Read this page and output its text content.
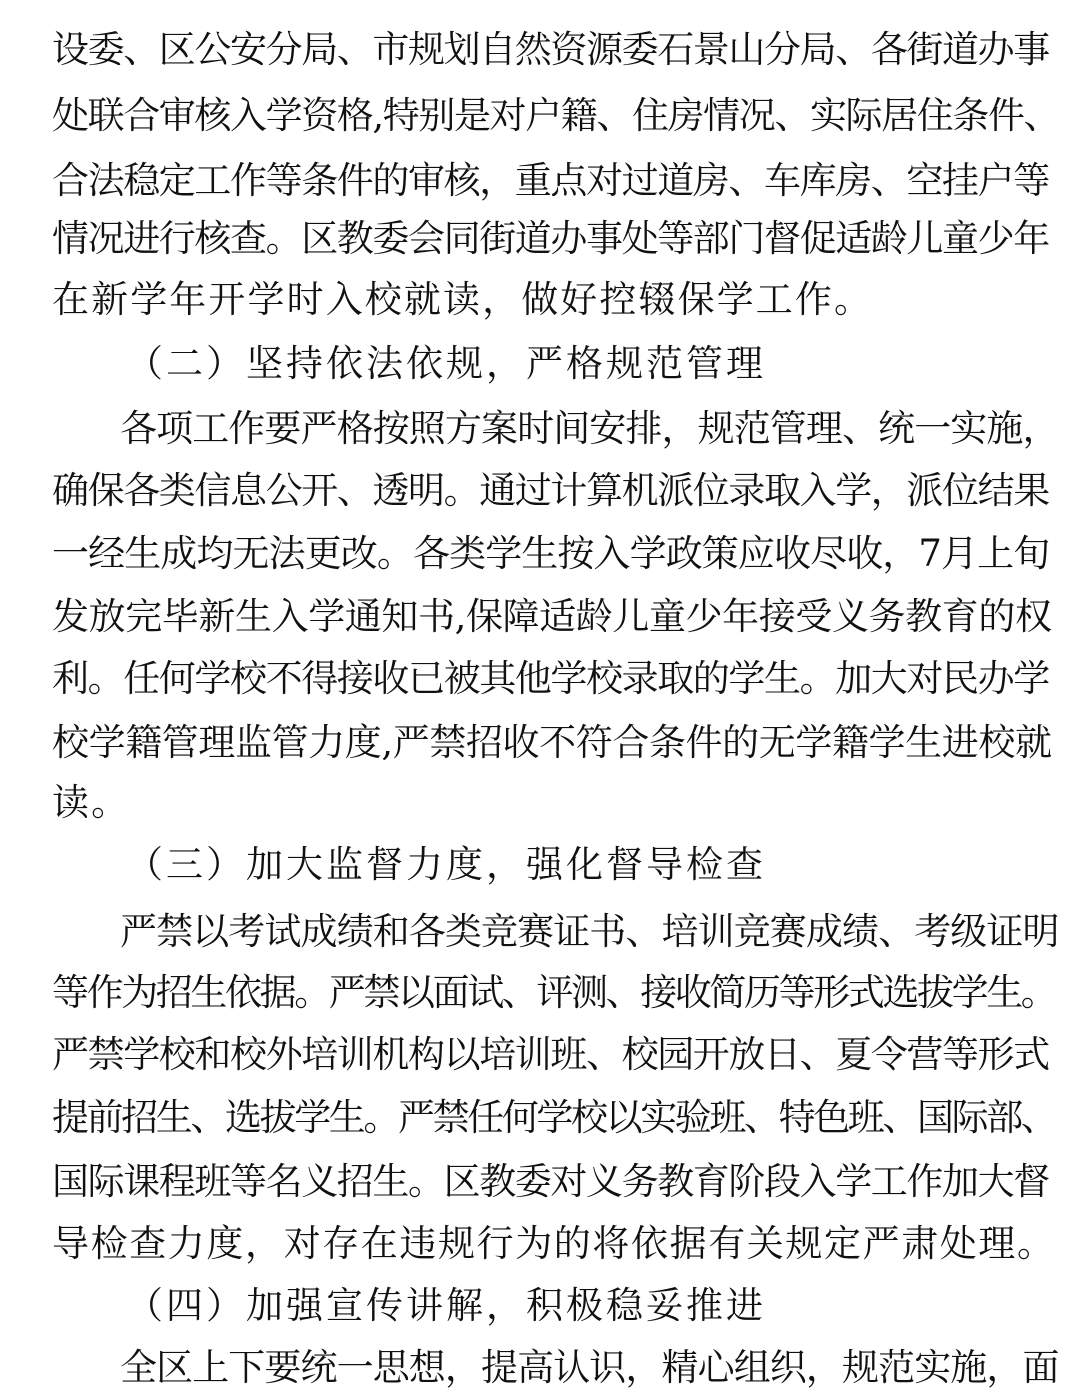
设委、区公安分局、市规划自然资源委石景山分局、各街道办事
处联合审核入学资格,特别是对户籍、住房情况、实际居住条件、
合法稳定工作等条件的审核，重点对过道房、车库房、空挂户等
情况进行核查。区教委会同街道办事处等部门督促适龄儿童少年
在新学年开学时入校就读，做好控辍保学工作。
（二）坚持依法依规，严格规范管理
各项工作要严格按照方案时间安排，规范管理、统一实施，
确保各类信息公开、透明。通过计算机派位录取入学，派位结果
一经生成均无法更改。各类学生按入学政策应收尽收，7月上旬
发放完毕新生入学通知书,保障适龄儿童少年接受义务教育的权
利。任何学校不得接收已被其他学校录取的学生。加大对民办学
校学籍管理监管力度,严禁招收不符合条件的无学籍学生进校就
读。
（三）加大监督力度，强化督导检查
严禁以考试成绩和各类竞赛证书、培训竞赛成绩、考级证明
等作为招生依据。严禁以面试、评测、接收简历等形式选拔学生。
严禁学校和校外培训机构以培训班、校园开放日、夏令营等形式
提前招生、选拔学生。严禁任何学校以实验班、特色班、国际部、
国际课程班等名义招生。区教委对义务教育阶段入学工作加大督
导检查力度，对存在违规行为的将依据有关规定严肃处理。
（四）加强宣传讲解，积极稳妥推进
全区上下要统一思想，提高认识，精心组织，规范实施，面
